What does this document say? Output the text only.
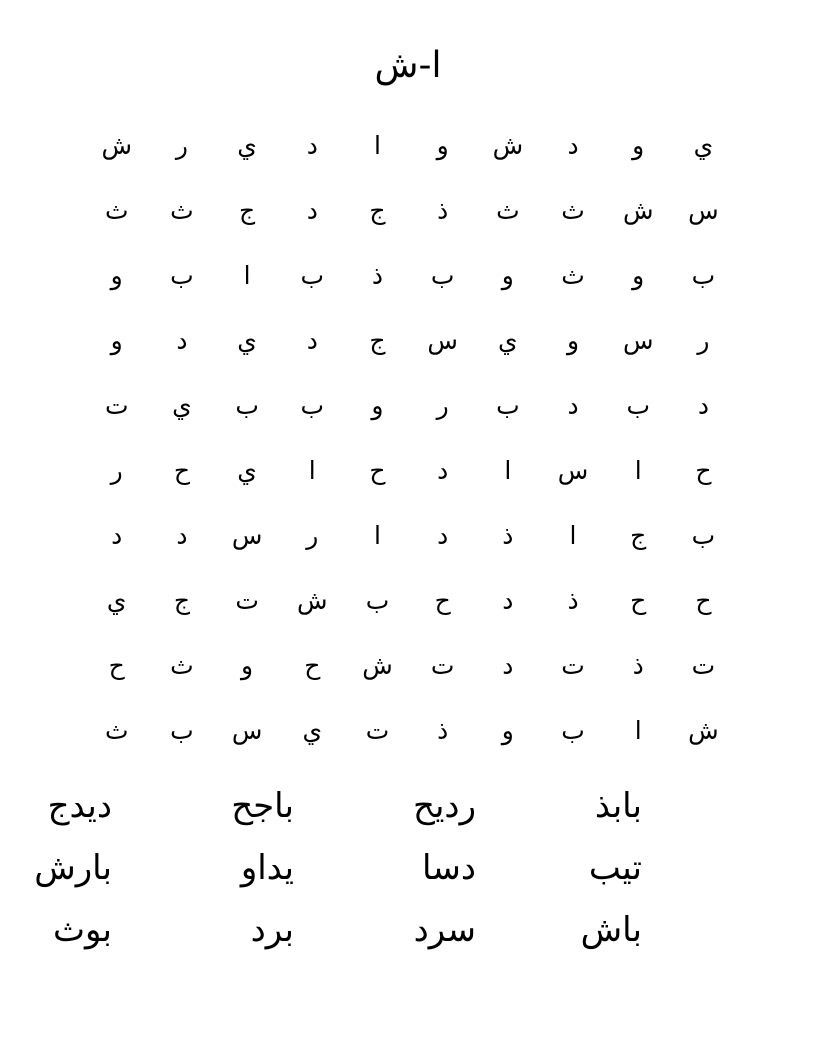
ا-ش
ي
و
د
ش
و
ا
د
ي
ر
ش
س
ش
ث
ث
ذ
ج
د
ج
ث
ث
ب
و
ث
و
ب
ذ
ب
ا
ب
و
ر
س
و
ي
س
ج
د
ي
د
و
د
ب
د
ب
ر
و
ب
ب
ي
ت
ح
ا
س
ا
د
ح
ا
ي
ح
ر
ب
ج
ا
ذ
د
ا
ر
س
د
د
ح
ح
ذ
د
ح
ب
ش
ت
ج
ي
ت
ذ
ت
د
ت
ش
ح
و
ث
ح
ش
ا
ب
و
ذ
ت
ي
س
ب
ث
بابذ
رديح
باجح
ديدج
تيب
دسا
يداو
بارش
باش
سرد
برد
بوث
